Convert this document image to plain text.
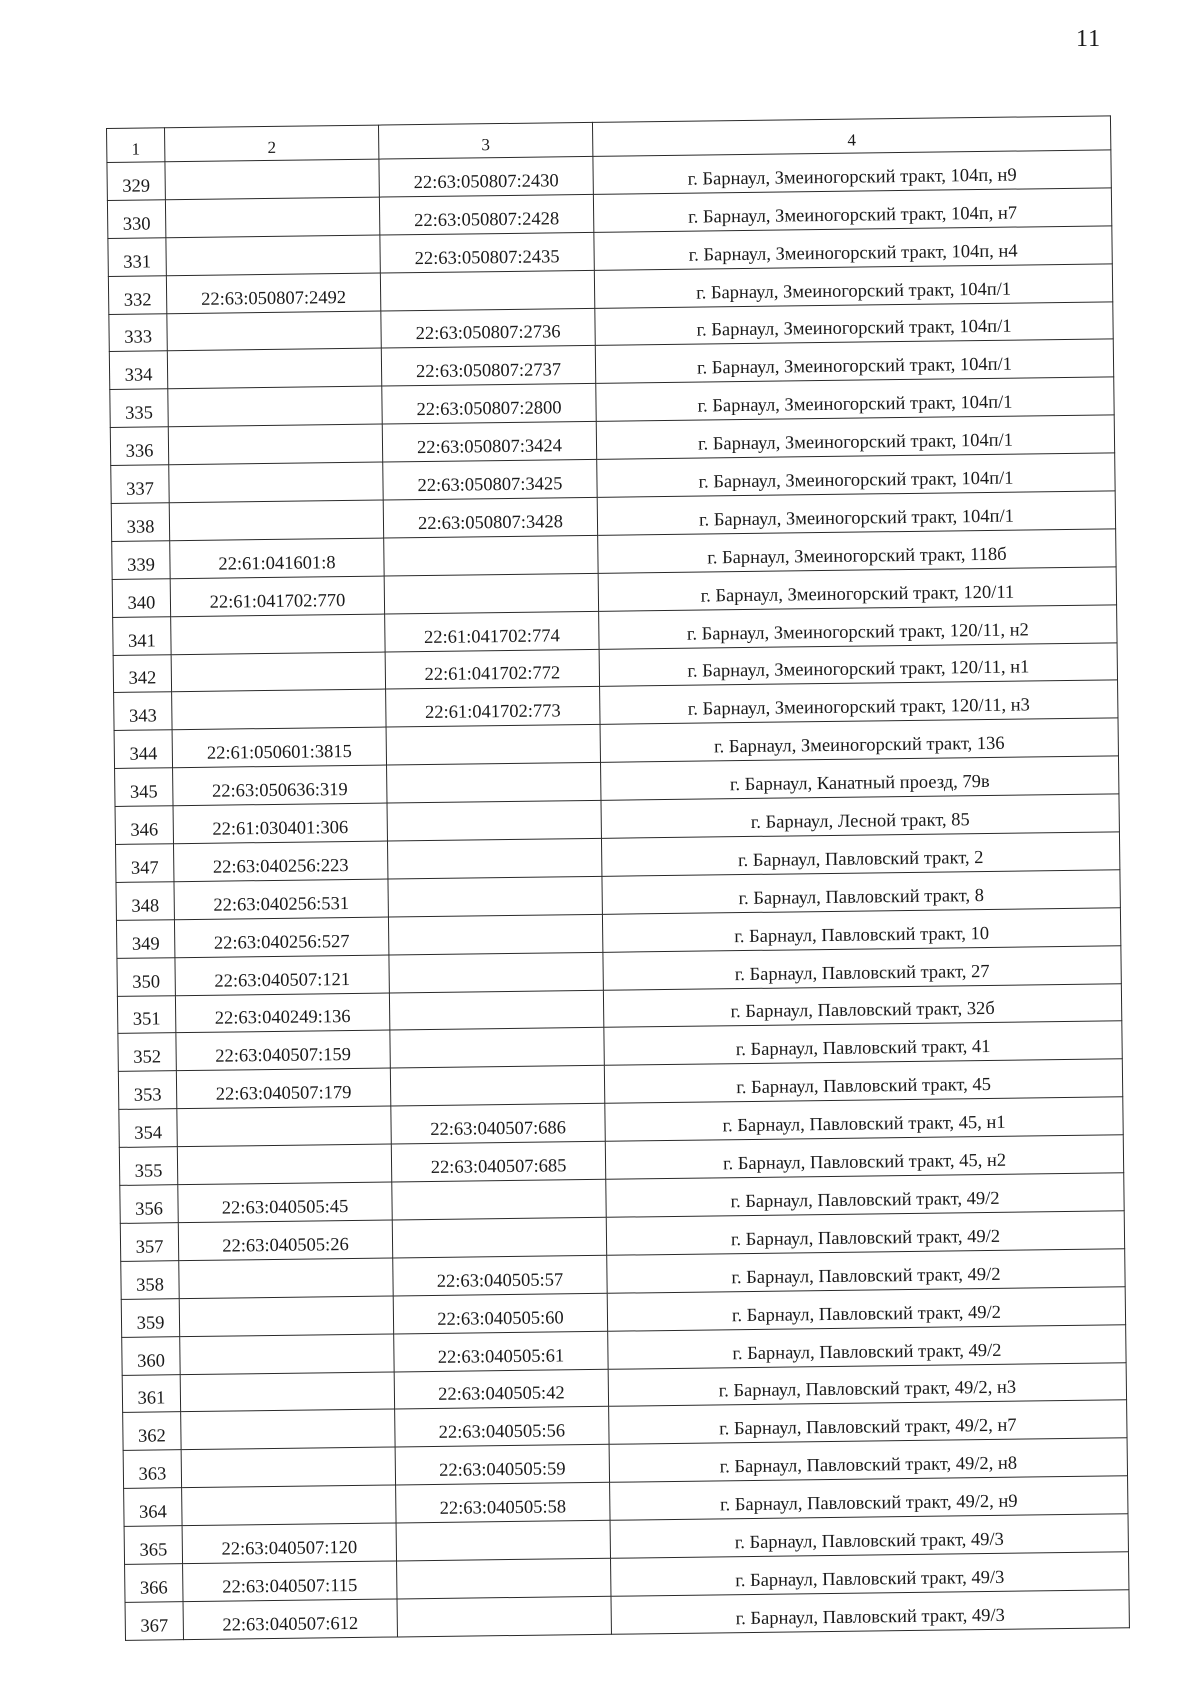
11
1	2	3	4
329		22:63:050807:2430	г. Барнаул, Змеиногорский тракт, 104п, н9
330		22:63:050807:2428	г. Барнаул, Змеиногорский тракт, 104п, н7
331		22:63:050807:2435	г. Барнаул, Змеиногорский тракт, 104п, н4
332	22:63:050807:2492		г. Барнаул, Змеиногорский тракт, 104п/1
333		22:63:050807:2736	г. Барнаул, Змеиногорский тракт, 104п/1
334		22:63:050807:2737	г. Барнаул, Змеиногорский тракт, 104п/1
335		22:63:050807:2800	г. Барнаул, Змеиногорский тракт, 104п/1
336		22:63:050807:3424	г. Барнаул, Змеиногорский тракт, 104п/1
337		22:63:050807:3425	г. Барнаул, Змеиногорский тракт, 104п/1
338		22:63:050807:3428	г. Барнаул, Змеиногорский тракт, 104п/1
339	22:61:041601:8		г. Барнаул, Змеиногорский тракт, 118б
340	22:61:041702:770		г. Барнаул, Змеиногорский тракт, 120/11
341		22:61:041702:774	г. Барнаул, Змеиногорский тракт, 120/11, н2
342		22:61:041702:772	г. Барнаул, Змеиногорский тракт, 120/11, н1
343		22:61:041702:773	г. Барнаул, Змеиногорский тракт, 120/11, н3
344	22:61:050601:3815		г. Барнаул, Змеиногорский тракт, 136
345	22:63:050636:319		г. Барнаул, Канатный проезд, 79в
346	22:61:030401:306		г. Барнаул, Лесной тракт, 85
347	22:63:040256:223		г. Барнаул, Павловский тракт, 2
348	22:63:040256:531		г. Барнаул, Павловский тракт, 8
349	22:63:040256:527		г. Барнаул, Павловский тракт, 10
350	22:63:040507:121		г. Барнаул, Павловский тракт, 27
351	22:63:040249:136		г. Барнаул, Павловский тракт, 32б
352	22:63:040507:159		г. Барнаул, Павловский тракт, 41
353	22:63:040507:179		г. Барнаул, Павловский тракт, 45
354		22:63:040507:686	г. Барнаул, Павловский тракт, 45, н1
355		22:63:040507:685	г. Барнаул, Павловский тракт, 45, н2
356	22:63:040505:45		г. Барнаул, Павловский тракт, 49/2
357	22:63:040505:26		г. Барнаул, Павловский тракт, 49/2
358		22:63:040505:57	г. Барнаул, Павловский тракт, 49/2
359		22:63:040505:60	г. Барнаул, Павловский тракт, 49/2
360		22:63:040505:61	г. Барнаул, Павловский тракт, 49/2
361		22:63:040505:42	г. Барнаул, Павловский тракт, 49/2, н3
362		22:63:040505:56	г. Барнаул, Павловский тракт, 49/2, н7
363		22:63:040505:59	г. Барнаул, Павловский тракт, 49/2, н8
364		22:63:040505:58	г. Барнаул, Павловский тракт, 49/2, н9
365	22:63:040507:120		г. Барнаул, Павловский тракт, 49/3
366	22:63:040507:115		г. Барнаул, Павловский тракт, 49/3
367	22:63:040507:612		г. Барнаул, Павловский тракт, 49/3
